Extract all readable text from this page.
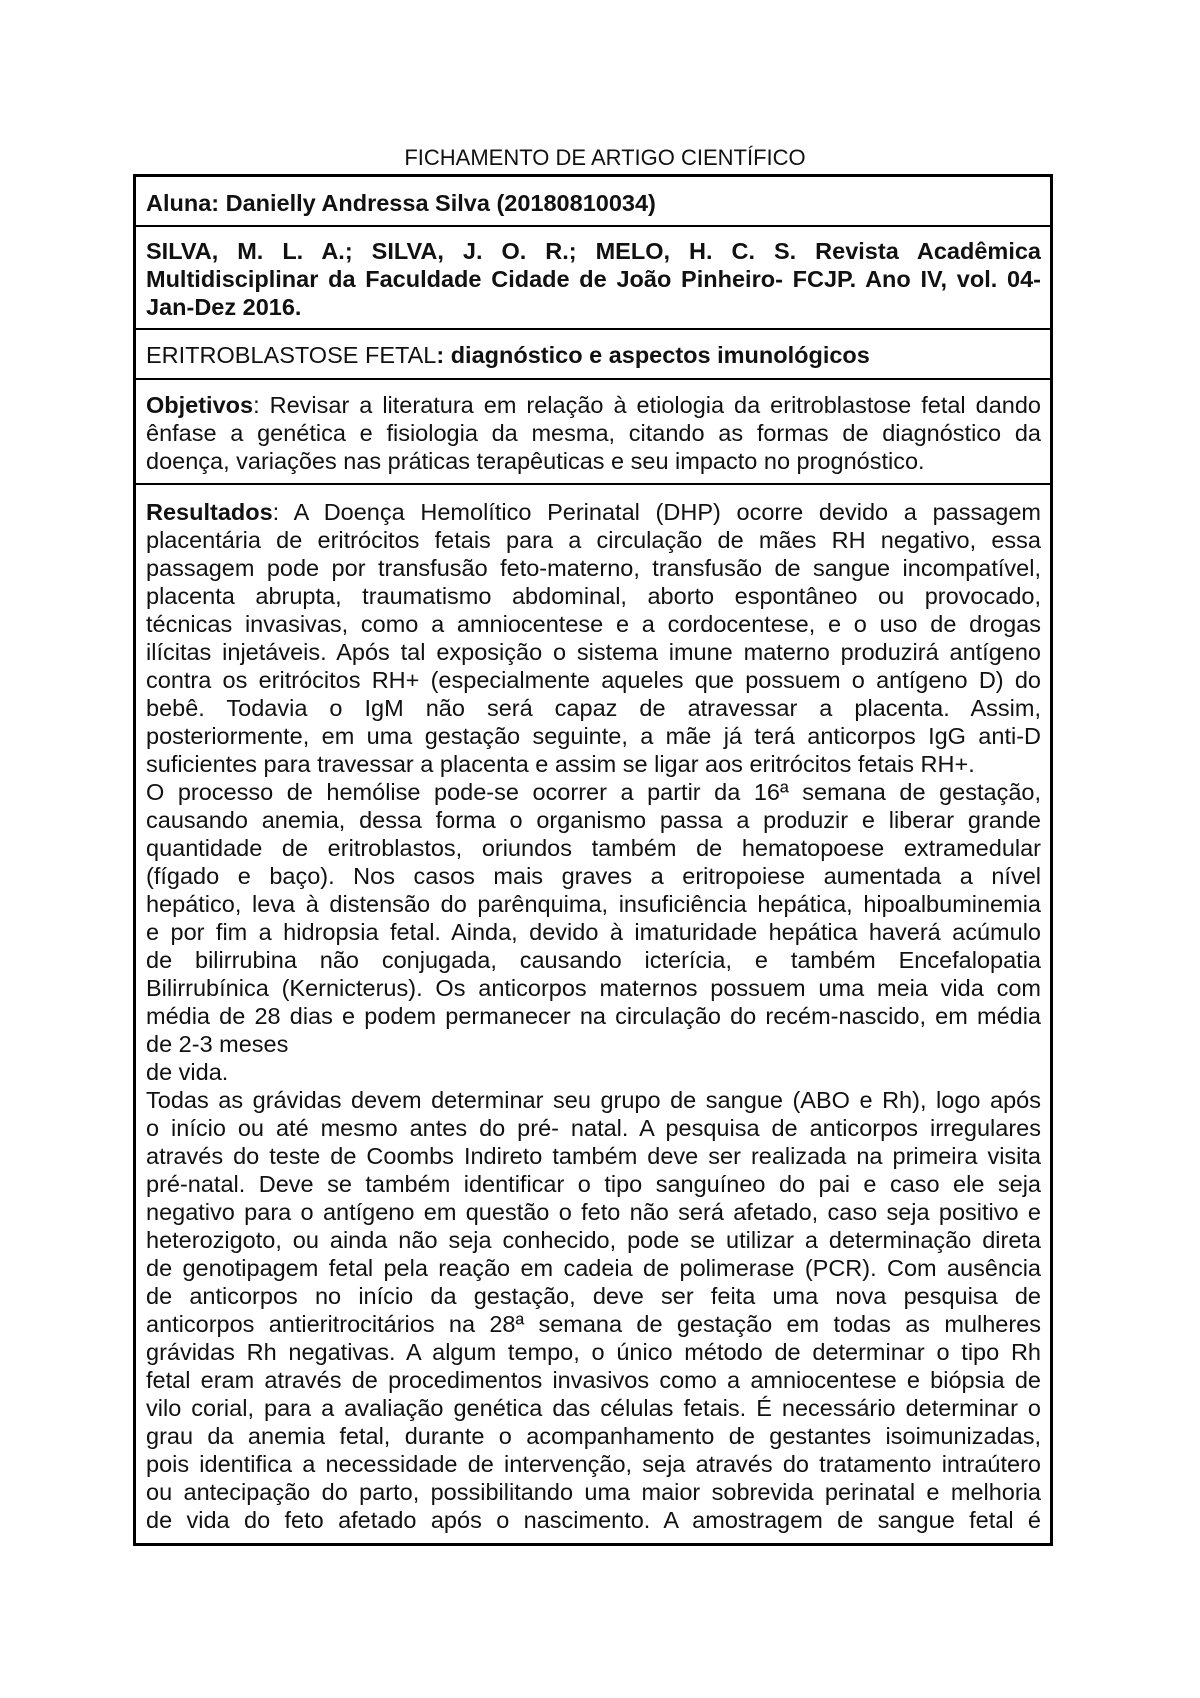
FICHAMENTO DE ARTIGO CIENTÍFICO
Aluna: Danielly Andressa Silva (20180810034)
SILVA, M. L. A.; SILVA, J. O. R.; MELO, H. C. S. Revista Acadêmica
Multidisciplinar da Faculdade Cidade de João Pinheiro- FCJP. Ano IV, vol. 04-
Jan-Dez 2016.
ERITROBLASTOSE FETAL: diagnóstico e aspectos imunológicos
Objetivos: Revisar a literatura em relação à etiologia da eritroblastose fetal dando
ênfase a genética e fisiologia da mesma, citando as formas de diagnóstico da
doença, variações nas práticas terapêuticas e seu impacto no prognóstico.
Resultados: A Doença Hemolítico Perinatal (DHP) ocorre devido a passagem
placentária de eritrócitos fetais para a circulação de mães RH negativo, essa
passagem pode por transfusão feto-materno, transfusão de sangue incompatível,
placenta abrupta, traumatismo abdominal, aborto espontâneo ou provocado,
técnicas invasivas, como a amniocentese e a cordocentese, e o uso de drogas
ilícitas injetáveis. Após tal exposição o sistema imune materno produzirá antígeno
contra os eritrócitos RH+ (especialmente aqueles que possuem o antígeno D) do
bebê. Todavia o IgM não será capaz de atravessar a placenta. Assim,
posteriormente, em uma gestação seguinte, a mãe já terá anticorpos IgG anti-D
suficientes para travessar a placenta e assim se ligar aos eritrócitos fetais RH+.
O processo de hemólise pode-se ocorrer a partir da 16ª semana de gestação,
causando anemia, dessa forma o organismo passa a produzir e liberar grande
quantidade de eritroblastos, oriundos também de hematopoese extramedular
(fígado e baço). Nos casos mais graves a eritropoiese aumentada a nível
hepático, leva à distensão do parênquima, insuficiência hepática, hipoalbuminemia
e por fim a hidropsia fetal. Ainda, devido à imaturidade hepática haverá acúmulo
de bilirrubina não conjugada, causando icterícia, e também Encefalopatia
Bilirrubínica (Kernicterus). Os anticorpos maternos possuem uma meia vida com
média de 28 dias e podem permanecer na circulação do recém-nascido, em média
de 2-3 meses
de vida.
Todas as grávidas devem determinar seu grupo de sangue (ABO e Rh), logo após
o início ou até mesmo antes do pré- natal. A pesquisa de anticorpos irregulares
através do teste de Coombs Indireto também deve ser realizada na primeira visita
pré-natal. Deve se também identificar o tipo sanguíneo do pai e caso ele seja
negativo para o antígeno em questão o feto não será afetado, caso seja positivo e
heterozigoto, ou ainda não seja conhecido, pode se utilizar a determinação direta
de genotipagem fetal pela reação em cadeia de polimerase (PCR). Com ausência
de anticorpos no início da gestação, deve ser feita uma nova pesquisa de
anticorpos antieritrocitários na 28ª semana de gestação em todas as mulheres
grávidas Rh negativas. A algum tempo, o único método de determinar o tipo Rh
fetal eram através de procedimentos invasivos como a amniocentese e biópsia de
vilo corial, para a avaliação genética das células fetais. É necessário determinar o
grau da anemia fetal, durante o acompanhamento de gestantes isoimunizadas,
pois identifica a necessidade de intervenção, seja através do tratamento intraútero
ou antecipação do parto, possibilitando uma maior sobrevida perinatal e melhoria
de vida do feto afetado após o nascimento. A amostragem de sangue fetal é
